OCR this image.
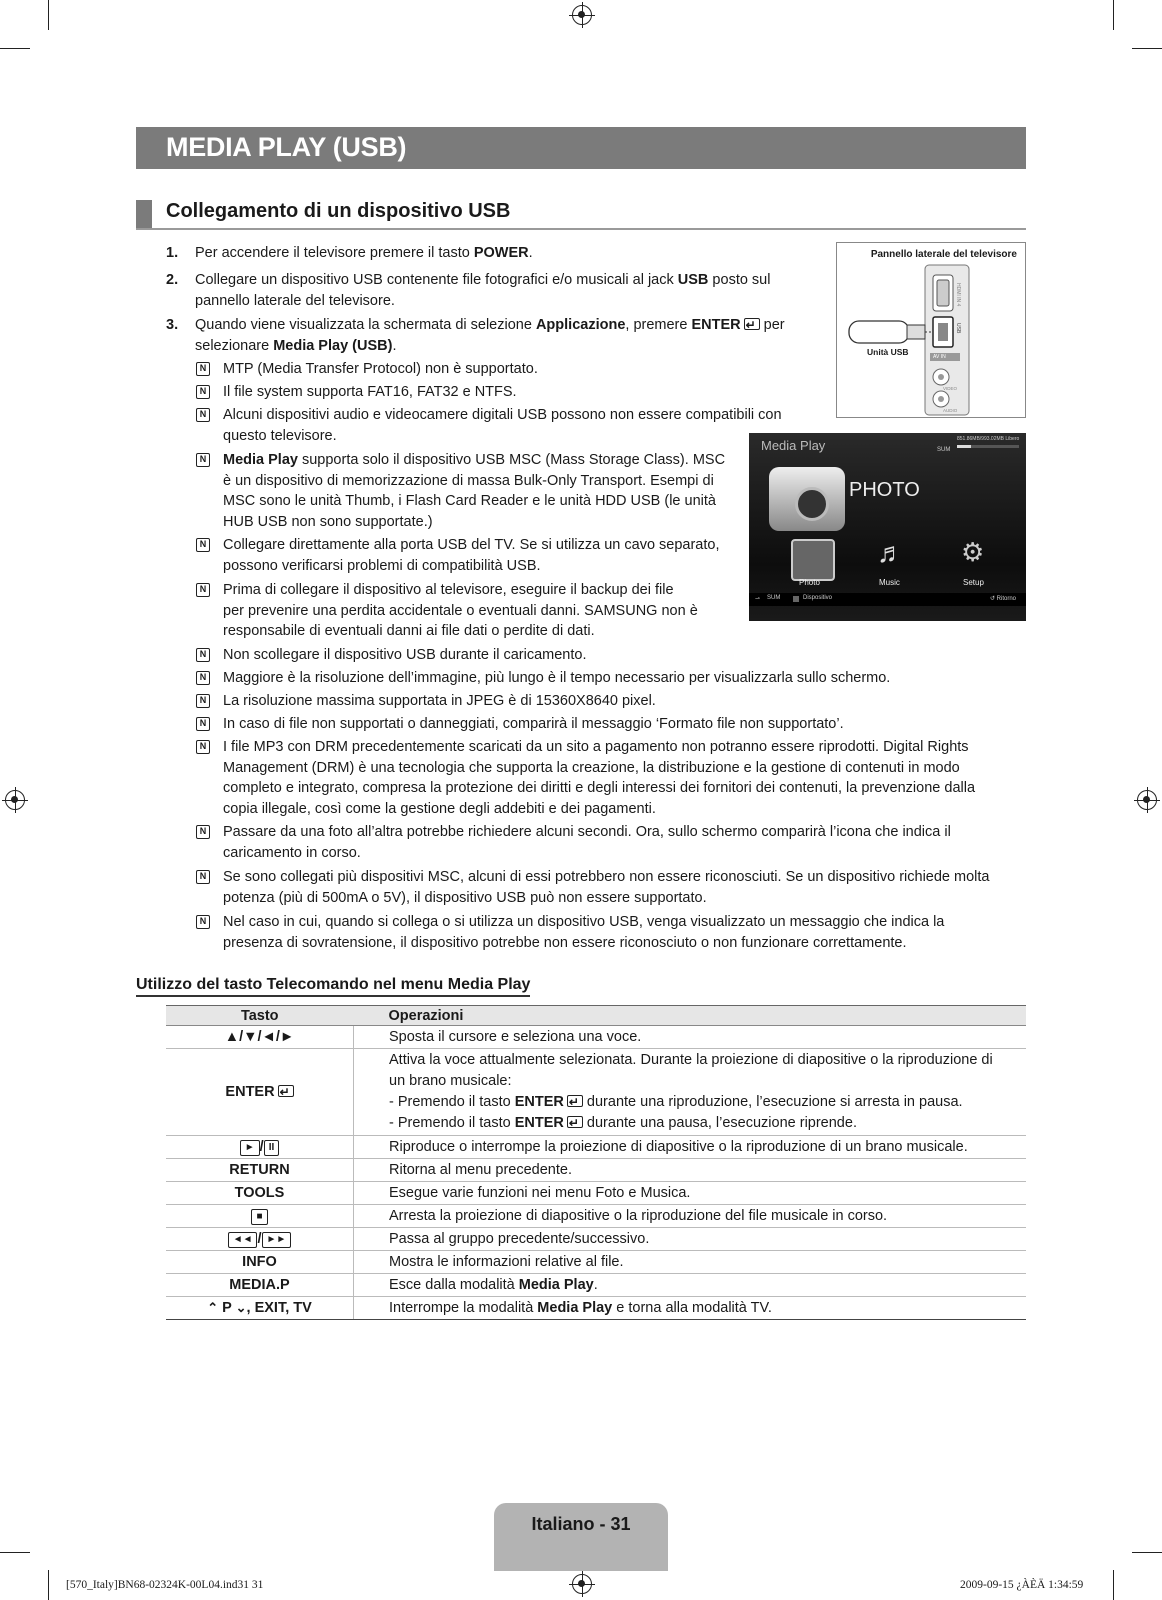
MEDIA PLAY (USB)
Collegamento di un dispositivo USB
1. Per accendere il televisore premere il tasto POWER.
2. Collegare un dispositivo USB contenente file fotografici e/o musicali al jack USB posto sul
pannello laterale del televisore.
3. Quando viene visualizzata la schermata di selezione Applicazione, premere ENTER↵ per
selezionare Media Play (USB).
N MTP (Media Transfer Protocol) non è supportato.
N Il file system supporta FAT16, FAT32 e NTFS.
N Alcuni dispositivi audio e videocamere digitali USB possono non essere compatibili con
questo televisore.
N Media Play supporta solo il dispositivo USB MSC (Mass Storage Class). MSC
è un dispositivo di memorizzazione di massa Bulk-Only Transport. Esempi di
MSC sono le unità Thumb, i Flash Card Reader e le unità HDD USB (le unità
HUB USB non sono supportate.)
N Collegare direttamente alla porta USB del TV. Se si utilizza un cavo separato,
possono verificarsi problemi di compatibilità USB.
N Prima di collegare il dispositivo al televisore, eseguire il backup dei file
per prevenire una perdita accidentale o eventuali danni. SAMSUNG non è
responsabile di eventuali danni ai file dati o perdite di dati.
N Non scollegare il dispositivo USB durante il caricamento.
N Maggiore è la risoluzione dell’immagine, più lungo è il tempo necessario per visualizzarla sullo schermo.
N La risoluzione massima supportata in JPEG è di 15360X8640 pixel.
N In caso di file non supportati o danneggiati, comparirà il messaggio ‘Formato file non supportato’.
N I file MP3 con DRM precedentemente scaricati da un sito a pagamento non potranno essere riprodotti. Digital Rights
Management (DRM) è una tecnologia che supporta la creazione, la distribuzione e la gestione di contenuti in modo
completo e integrato, compresa la protezione dei diritti e degli interessi dei fornitori dei contenuti, la prevenzione dalla
copia illegale, così come la gestione degli addebiti e dei pagamenti.
N Passare da una foto all’altra potrebbe richiedere alcuni secondi. Ora, sullo schermo comparirà l’icona che indica il
caricamento in corso.
N Se sono collegati più dispositivi MSC, alcuni di essi potrebbero non essere riconosciuti. Se un dispositivo richiede molta
potenza (più di 500mA o 5V), il dispositivo USB può non essere supportato.
N Nel caso in cui, quando si collega o si utilizza un dispositivo USB, venga visualizzato un messaggio che indica la
presenza di sovratensione, il dispositivo potrebbe non essere riconosciuto o non funzionare correttamente.
Pannello laterale del televisore
Unità USB
HDMI IN 4
USB
AV IN
VIDEO
AUDIO
Media Play	SUM
851.86MB/993.02MB Libero
PHOTO
♬ ⚙
Photo	Music	Setup
⇀ SUM	Dispositivo	↺ Ritorno
Utilizzo del tasto Telecomando nel menu Media Play
Tasto	Operazioni
▲/▼/◄/►	Sposta il cursore e seleziona una voce.
ENTER↵	Attiva la voce attualmente selezionata. Durante la proiezione di diapositive o la riproduzione di
un brano musicale:
- Premendo il tasto ENTER↵ durante una riproduzione, l’esecuzione si arresta in pausa.
- Premendo il tasto ENTER↵ durante una pausa, l’esecuzione riprende.
► / II	Riproduce o interrompe la proiezione di diapositive o la riproduzione di un brano musicale.
RETURN	Ritorna al menu precedente.
TOOLS	Esegue varie funzioni nei menu Foto e Musica.
■	Arresta la proiezione di diapositive o la riproduzione del file musicale in corso.
◄◄ / ►►	Passa al gruppo precedente/successivo.
INFO	Mostra le informazioni relative al file.
MEDIA.P	Esce dalla modalità Media Play.
⌃ P ⌄, EXIT, TV	Interrompe la modalità Media Play e torna alla modalità TV.
Italiano - 31
[570_Italy]BN68-02324K-00L04.ind31 31	2009-09-15 ¿ÀÈÄ 1:34:59
